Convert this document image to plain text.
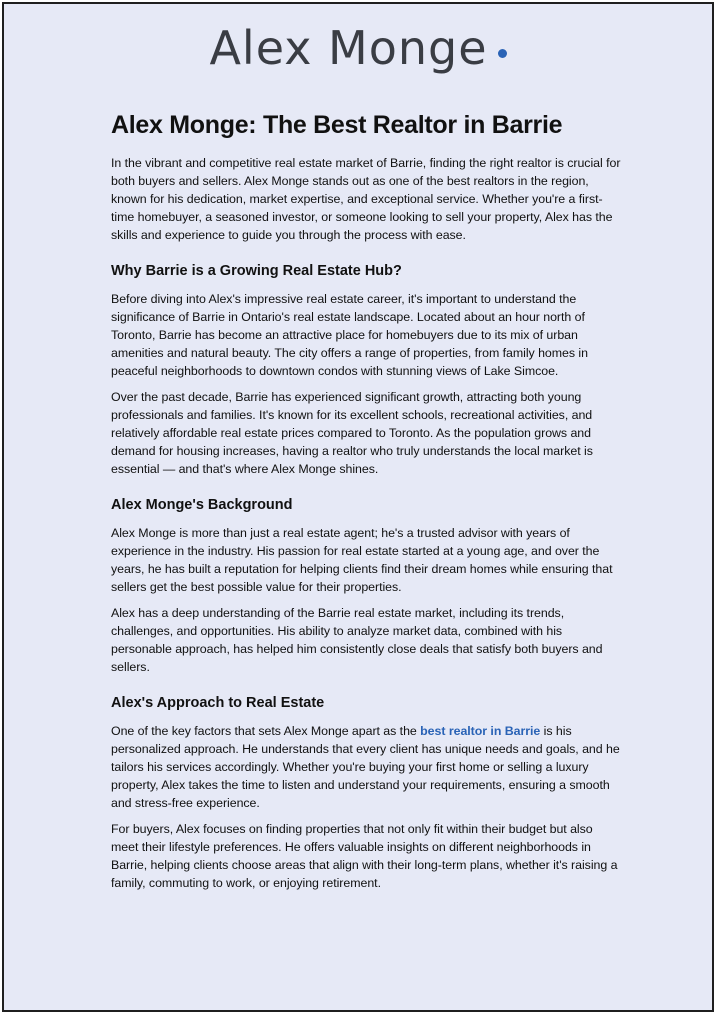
Alex Monge
Alex Monge: The Best Realtor in Barrie

In the vibrant and competitive real estate market of Barrie, finding the right realtor is crucial for both buyers and sellers. Alex Monge stands out as one of the best realtors in the region, known for his dedication, market expertise, and exceptional service. Whether you're a first-time homebuyer, a seasoned investor, or someone looking to sell your property, Alex has the skills and experience to guide you through the process with ease.

Why Barrie is a Growing Real Estate Hub?

Before diving into Alex's impressive real estate career, it's important to understand the significance of Barrie in Ontario's real estate landscape. Located about an hour north of Toronto, Barrie has become an attractive place for homebuyers due to its mix of urban amenities and natural beauty. The city offers a range of properties, from family homes in peaceful neighborhoods to downtown condos with stunning views of Lake Simcoe.

Over the past decade, Barrie has experienced significant growth, attracting both young professionals and families. It's known for its excellent schools, recreational activities, and relatively affordable real estate prices compared to Toronto. As the population grows and demand for housing increases, having a realtor who truly understands the local market is essential — and that's where Alex Monge shines.

Alex Monge's Background

Alex Monge is more than just a real estate agent; he's a trusted advisor with years of experience in the industry. His passion for real estate started at a young age, and over the years, he has built a reputation for helping clients find their dream homes while ensuring that sellers get the best possible value for their properties.

Alex has a deep understanding of the Barrie real estate market, including its trends, challenges, and opportunities. His ability to analyze market data, combined with his personable approach, has helped him consistently close deals that satisfy both buyers and sellers.

Alex's Approach to Real Estate

One of the key factors that sets Alex Monge apart as the best realtor in Barrie is his personalized approach. He understands that every client has unique needs and goals, and he tailors his services accordingly. Whether you're buying your first home or selling a luxury property, Alex takes the time to listen and understand your requirements, ensuring a smooth and stress-free experience.

For buyers, Alex focuses on finding properties that not only fit within their budget but also meet their lifestyle preferences. He offers valuable insights on different neighborhoods in Barrie, helping clients choose areas that align with their long-term plans, whether it's raising a family, commuting to work, or enjoying retirement.
